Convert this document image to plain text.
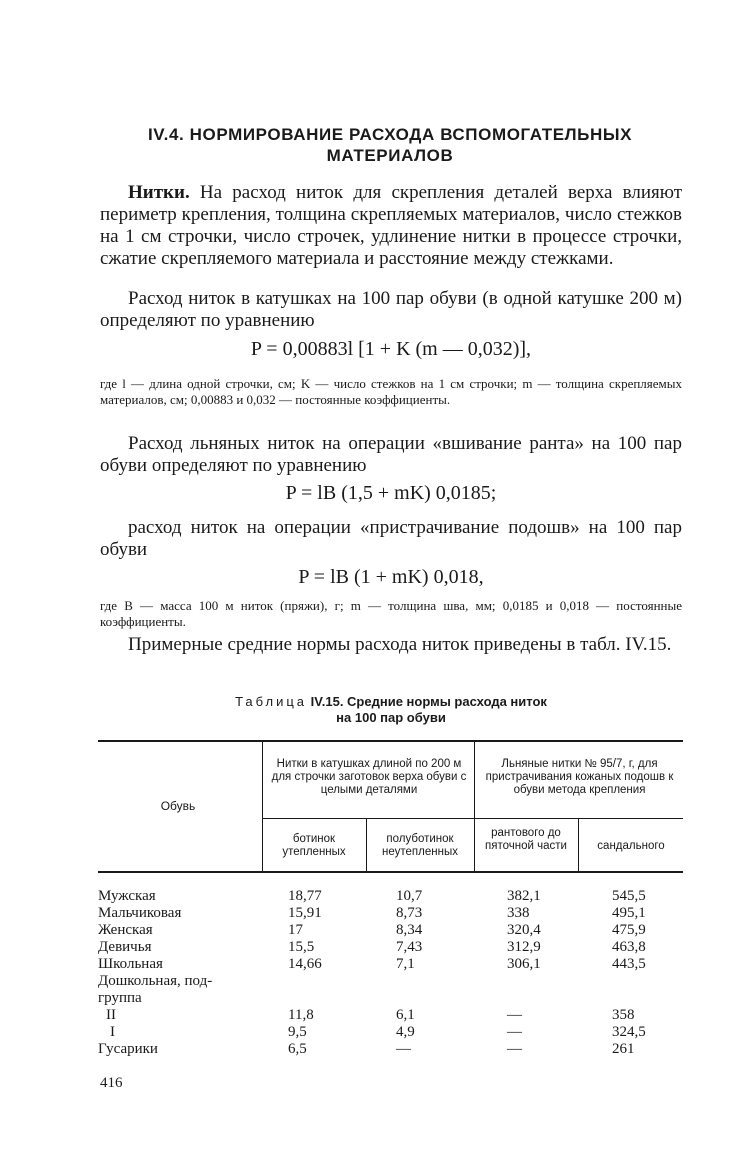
IV.4. НОРМИРОВАНИЕ РАСХОДА ВСПОМОГАТЕЛЬНЫХ
МАТЕРИАЛОВ
Нитки. На расход ниток для скрепления деталей верха влияют периметр крепления, толщина скрепляемых материалов, число стежков на 1 см строчки, число строчек, удлинение нитки в процессе строчки, сжатие скрепляемого материала и расстояние между стежками.
Расход ниток в катушках на 100 пар обуви (в одной катушке 200 м) определяют по уравнению
P = 0,00883l [1 + K (m — 0,032)],
где l — длина одной строчки, см; K — число стежков на 1 см строчки; m — толщина скрепляемых материалов, см; 0,00883 и 0,032 — постоянные коэффициенты.
Расход льняных ниток на операции «вшивание ранта» на 100 пар обуви определяют по уравнению
P = lB (1,5 + mK) 0,0185;
расход ниток на операции «пристрачивание подошв» на 100 пар обуви
P = lB (1 + mK) 0,018,
где B — масса 100 м ниток (пряжи), г; m — толщина шва, мм; 0,0185 и 0,018 — постоянные коэффициенты.
Примерные средние нормы расхода ниток приведены в табл. IV.15.
Таблица IV.15. Средние нормы расхода ниток
на 100 пар обуви
Обувь
Нитки в катушках длиной по 200 м для строчки заготовок верха обуви с целыми деталями
Льняные нитки № 95/7, г, для пристрачивания кожаных подошв к обуви метода крепления
ботинок утепленных
полуботинок неутепленных
рантового до пяточной части	сандального
Мужская	18,77	10,7	382,1	545,5
Мальчиковая	15,91	8,73	338	495,1
Женская	17	8,34	320,4	475,9
Девичья	15,5	7,43	312,9	463,8
Школьная	14,66	7,1	306,1	443,5
Дошкольная, под-
группа
II	11,8	6,1	—	358
I	9,5	4,9	—	324,5
Гусарики	6,5	—	—	261
416
